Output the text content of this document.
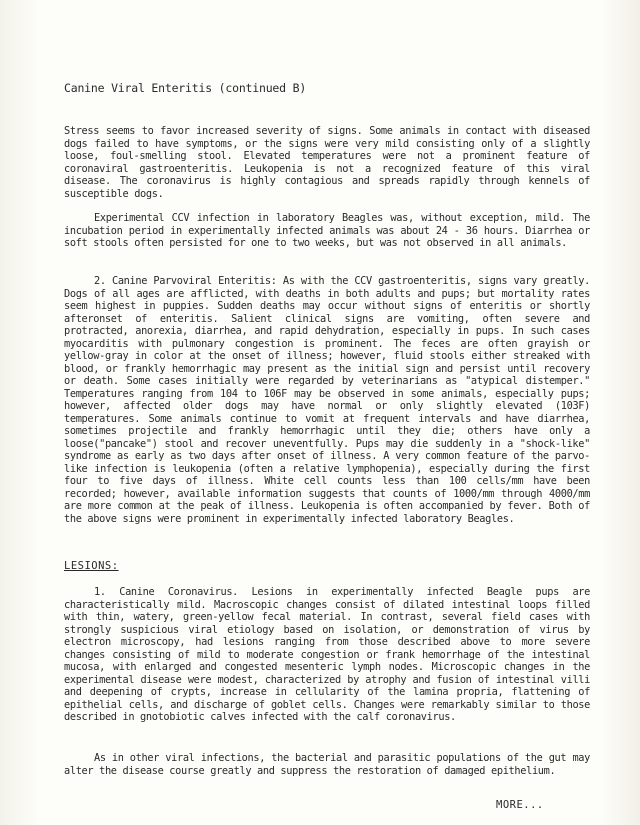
Canine Viral Enteritis (continued B)

Stress seems to favor increased severity of signs. Some animals in contact with diseased dogs failed to have symptoms, or the signs were very mild consisting only of a slightly loose, foul-smelling stool. Elevated temperatures were not a prominent feature of coronaviral gastroenteritis. Leukopenia is not a recognized feature of this viral disease. The coronavirus is highly contagious and spreads rapidly through kennels of susceptible dogs.

Experimental CCV infection in laboratory Beagles was, without exception, mild. The incubation period in experimentally infected animals was about 24 - 36 hours. Diarrhea or soft stools often persisted for one to two weeks, but was not observed in all animals.

2. Canine Parvoviral Enteritis: As with the CCV gastroenteritis, signs vary greatly. Dogs of all ages are afflicted, with deaths in both adults and pups; but mortality rates seem highest in puppies. Sudden deaths may occur without signs of enteritis or shortly afteronset of enteritis. Salient clinical signs are vomiting, often severe and protracted, anorexia, diarrhea, and rapid dehydration, especially in pups. In such cases myocarditis with pulmonary congestion is prominent. The feces are often grayish or yellow-gray in color at the onset of illness; however, fluid stools either streaked with blood, or frankly hemorrhagic may present as the initial sign and persist until recovery or death. Some cases initially were regarded by veterinarians as "atypical distemper." Temperatures ranging from 104 to 106F may be observed in some animals, especially pups; however, affected older dogs may have normal or only slightly elevated (103F) temperatures. Some animals continue to vomit at frequent intervals and have diarrhea, sometimes projectile and frankly hemorrhagic until they die; others have only a loose("pancake") stool and recover uneventfully. Pups may die suddenly in a "shock-like" syndrome as early as two days after onset of illness. A very common feature of the parvo-like infection is leukopenia (often a relative lymphopenia), especially during the first four to five days of illness. White cell counts less than 100 cells/mm have been recorded; however, available information suggests that counts of 1000/mm through 4000/mm are more common at the peak of illness. Leukopenia is often accompanied by fever. Both of the above signs were prominent in experimentally infected laboratory Beagles.

LESIONS:

1. Canine Coronavirus. Lesions in experimentally infected Beagle pups are characteristically mild. Macroscopic changes consist of dilated intestinal loops filled with thin, watery, green-yellow fecal material. In contrast, several field cases with strongly suspicious viral etiology based on isolation, or demonstration of virus by electron microscopy, had lesions ranging from those described above to more severe changes consisting of mild to moderate congestion or frank hemorrhage of the intestinal mucosa, with enlarged and congested mesenteric lymph nodes. Microscopic changes in the experimental disease were modest, characterized by atrophy and fusion of intestinal villi and deepening of crypts, increase in cellularity of the lamina propria, flattening of epithelial cells, and discharge of goblet cells. Changes were remarkably similar to those described in gnotobiotic calves infected with the calf coronavirus.

As in other viral infections, the bacterial and parasitic populations of the gut may alter the disease course greatly and suppress the restoration of damaged epithelium.

MORE...
